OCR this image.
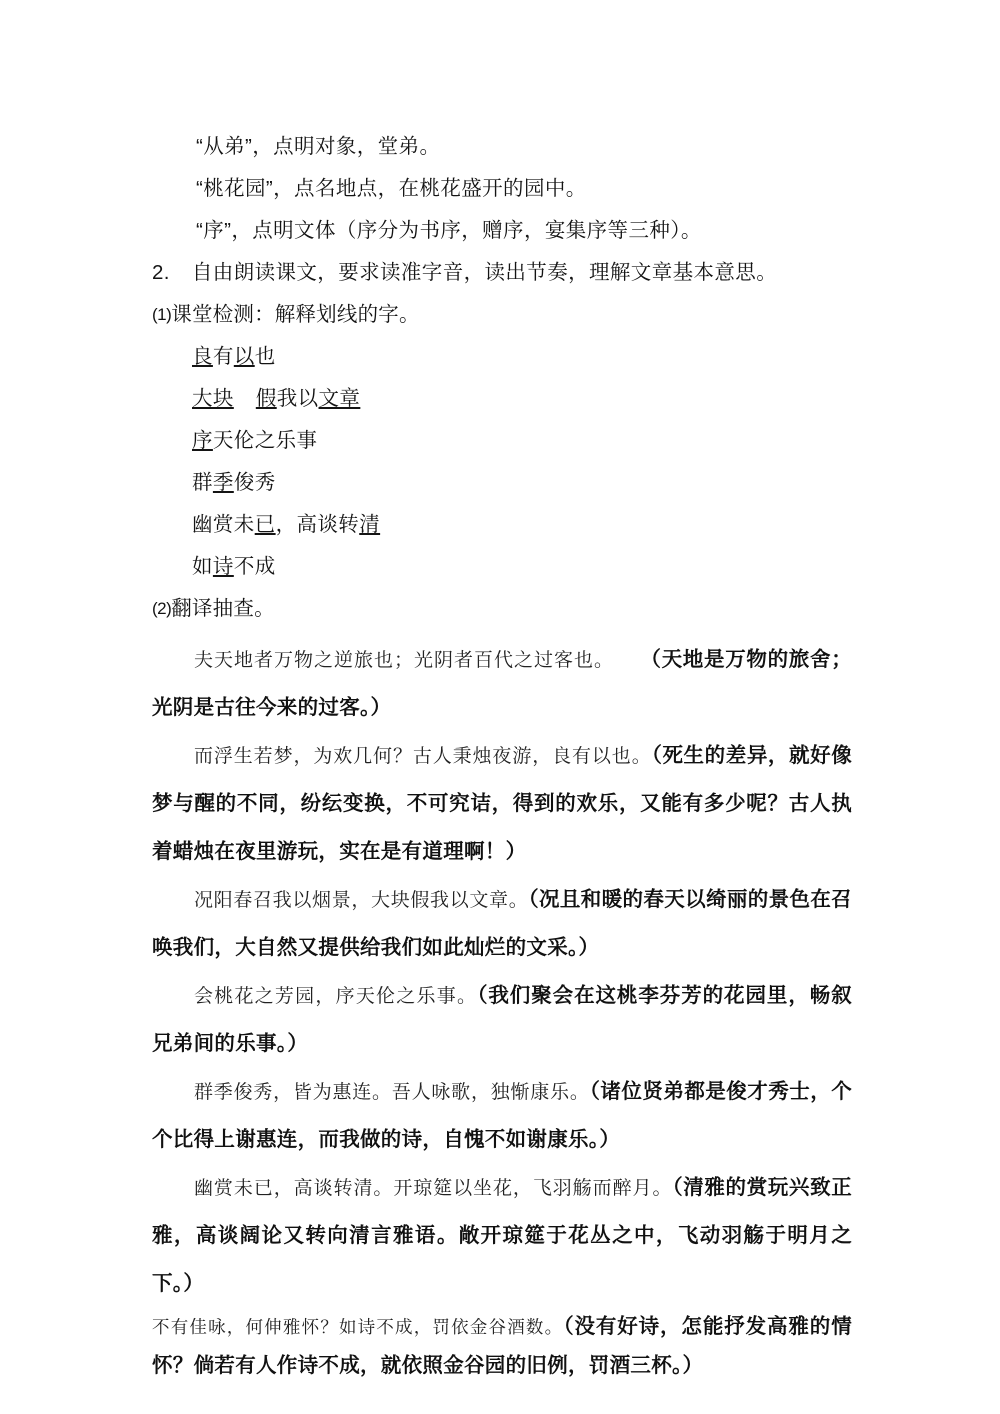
“从弟”，点明对象，堂弟。
“桃花园”，点名地点，在桃花盛开的园中。
“序”，点明文体（序分为书序，赠序，宴集序等三种）。
2. 自由朗读课文，要求读准字音，读出节奏，理解文章基本意思。
(1)课堂检测：解释划线的字。
良有以也
大块 假我以文章
序天伦之乐事
群季俊秀
幽赏未已，高谈转清
如诗不成
(2)翻译抽查。

夫天地者万物之逆旅也；光阴者百代之过客也。 （天地是万物的旅舍；光阴是古往今来的过客。）

而浮生若梦，为欢几何？古人秉烛夜游，良有以也。（死生的差异，就好像梦与醒的不同，纷纭变换，不可究诘，得到的欢乐，又能有多少呢？古人执着蜡烛在夜里游玩，实在是有道理啊！）

况阳春召我以烟景，大块假我以文章。（况且和暖的春天以绮丽的景色在召唤我们，大自然又提供给我们如此灿烂的文采。）

会桃花之芳园，序天伦之乐事。（我们聚会在这桃李芬芳的花园里，畅叙兄弟间的乐事。）

群季俊秀，皆为惠连。吾人咏歌，独惭康乐。（诸位贤弟都是俊才秀士，个个比得上谢惠连，而我做的诗，自愧不如谢康乐。）

幽赏未已，高谈转清。开琼筵以坐花，飞羽觞而醉月。（清雅的赏玩兴致正雅，高谈阔论又转向清言雅语。敞开琼筵于花丛之中，飞动羽觞于明月之下。）

不有佳咏，何伸雅怀？如诗不成，罚依金谷酒数。（没有好诗，怎能抒发高雅的情怀？倘若有人作诗不成，就依照金谷园的旧例，罚酒三杯。）
